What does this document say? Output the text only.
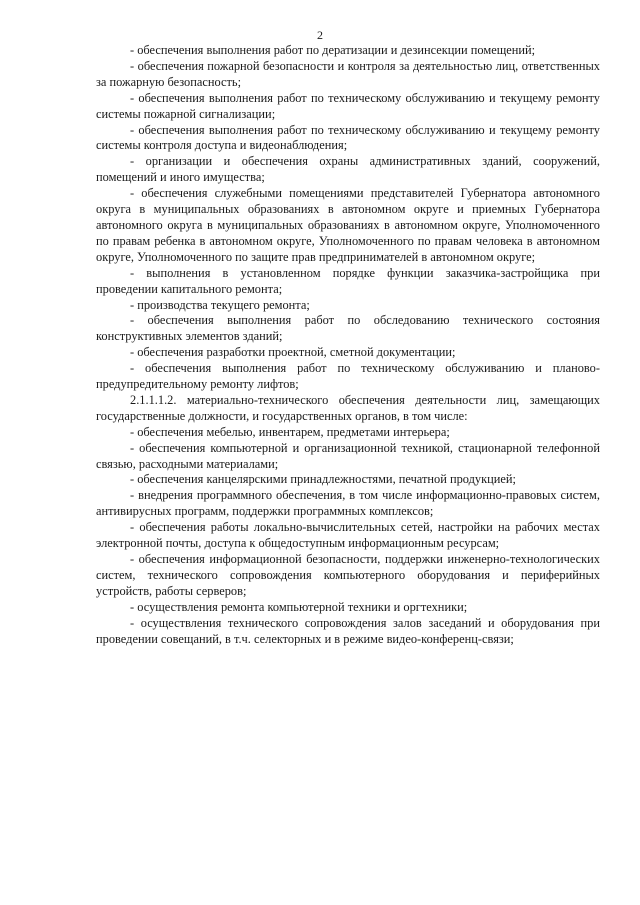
2

- обеспечения выполнения работ по дератизации и дезинсекции помещений;

- обеспечения пожарной безопасности и контроля за деятельностью лиц, ответственных за пожарную безопасность;

- обеспечения выполнения работ по техническому обслуживанию и текущему ремонту системы пожарной сигнализации;

- обеспечения выполнения работ по техническому обслуживанию и текущему ремонту системы контроля доступа и видеонаблюдения;

- организации и обеспечения охраны административных зданий, сооружений, помещений и иного имущества;

- обеспечения служебными помещениями представителей Губернатора автономного округа в муниципальных образованиях в автономном округе и приемных Губернатора автономного округа в муниципальных образованиях в автономном округе, Уполномоченного по правам ребенка в автономном округе, Уполномоченного по правам человека в автономном округе, Уполномоченного по защите прав предпринимателей в автономном округе;

- выполнения в установленном порядке функции заказчика-застройщика при проведении капитального ремонта;

- производства текущего ремонта;

- обеспечения выполнения работ по обследованию технического состояния конструктивных элементов зданий;

- обеспечения разработки проектной, сметной документации;

- обеспечения выполнения работ по техническому обслуживанию и планово-предупредительному ремонту лифтов;

2.1.1.1.2. материально-технического обеспечения деятельности лиц, замещающих государственные должности, и государственных органов, в том числе:

- обеспечения мебелью, инвентарем, предметами интерьера;

- обеспечения компьютерной и организационной техникой, стационарной телефонной связью, расходными материалами;

- обеспечения канцелярскими принадлежностями, печатной продукцией;

- внедрения программного обеспечения, в том числе информационно-правовых систем, антивирусных программ, поддержки программных комплексов;

- обеспечения работы локально-вычислительных сетей, настройки на рабочих местах электронной почты, доступа к общедоступным информационным ресурсам;

- обеспечения информационной безопасности, поддержки инженерно-технологических систем, технического сопровождения компьютерного оборудования и периферийных устройств, работы серверов;

- осуществления ремонта компьютерной техники и оргтехники;

- осуществления технического сопровождения залов заседаний и оборудования при проведении совещаний, в т.ч. селекторных и в режиме видео-конференц-связи;
